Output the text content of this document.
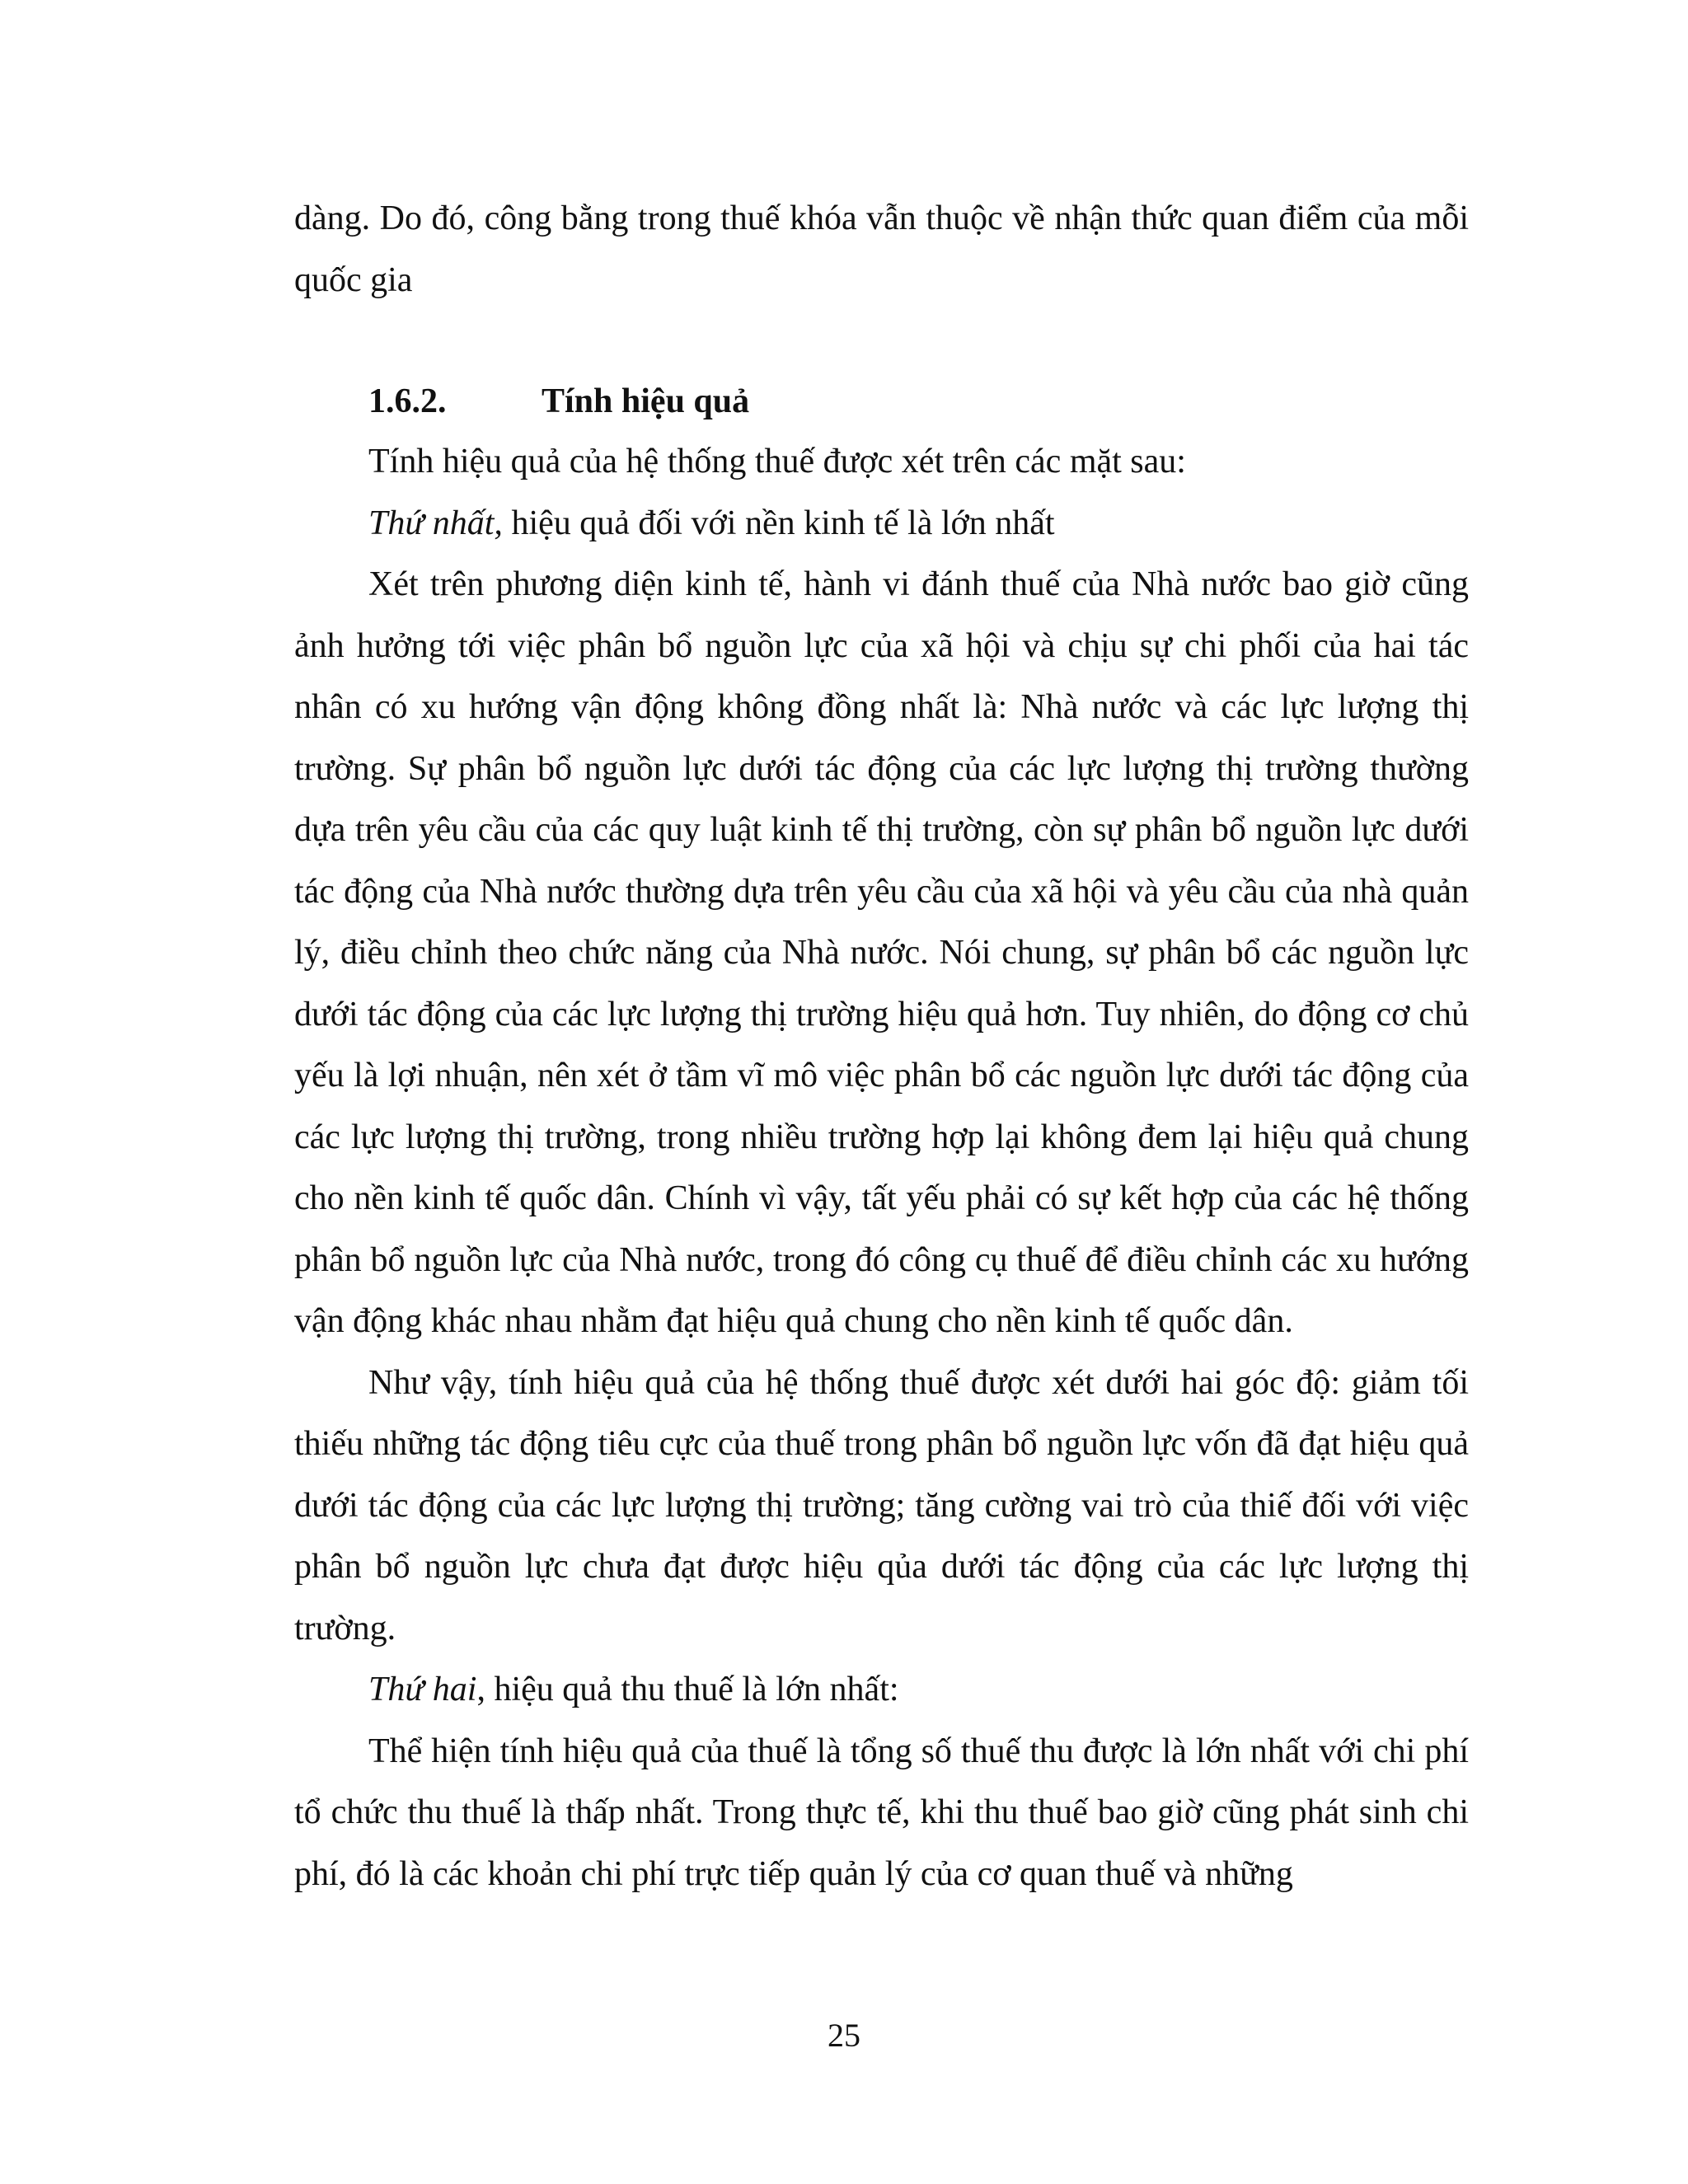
dàng. Do đó, công bằng trong thuế khóa vẫn thuộc về nhận thức quan điểm của mỗi quốc gia

1.6.2.	Tính hiệu quả

Tính hiệu quả của hệ thống thuế được xét trên các mặt sau:

Thứ nhất, hiệu quả đối với nền kinh tế là lớn nhất

Xét trên phương diện kinh tế, hành vi đánh thuế của Nhà nước bao giờ cũng ảnh hưởng tới việc phân bổ nguồn lực của xã hội và chịu sự chi phối của hai tác nhân có xu hướng vận động không đồng nhất là: Nhà nước và các lực lượng thị trường. Sự phân bổ nguồn lực dưới tác động của các lực lượng thị trường thường dựa trên yêu cầu của các quy luật kinh tế thị trường, còn sự phân bổ nguồn lực dưới tác động của Nhà nước thường dựa trên yêu cầu của xã hội và yêu cầu của nhà quản lý, điều chỉnh theo chức năng của Nhà nước. Nói chung, sự phân bổ các nguồn lực dưới tác động của các lực lượng thị trường hiệu quả hơn. Tuy nhiên, do động cơ chủ yếu là lợi nhuận, nên xét ở tầm vĩ mô việc phân bổ các nguồn lực dưới tác động của các lực lượng thị trường, trong nhiều trường hợp lại không đem lại hiệu quả chung cho nền kinh tế quốc dân. Chính vì vậy, tất yếu phải có sự kết hợp của các hệ thống phân bổ nguồn lực của Nhà nước, trong đó công cụ thuế để điều chỉnh các xu hướng vận động khác nhau nhằm đạt hiệu quả chung cho nền kinh tế quốc dân.

Như vậy, tính hiệu quả của hệ thống thuế được xét dưới hai góc độ: giảm tối thiếu những tác động tiêu cực của thuế trong phân bổ nguồn lực vốn đã đạt hiệu quả dưới tác động của các lực lượng thị trường; tăng cường vai trò của thiế đối với việc phân bổ nguồn lực chưa đạt được hiệu qủa dưới tác động của các lực lượng thị trường.

Thứ hai, hiệu quả thu thuế là lớn nhất:

Thể hiện tính hiệu quả của thuế là tổng số thuế thu được là lớn nhất với chi phí tổ chức thu thuế là thấp nhất. Trong thực tế, khi thu thuế bao giờ cũng phát sinh chi phí, đó là các khoản chi phí trực tiếp quản lý của cơ quan thuế và những

25
